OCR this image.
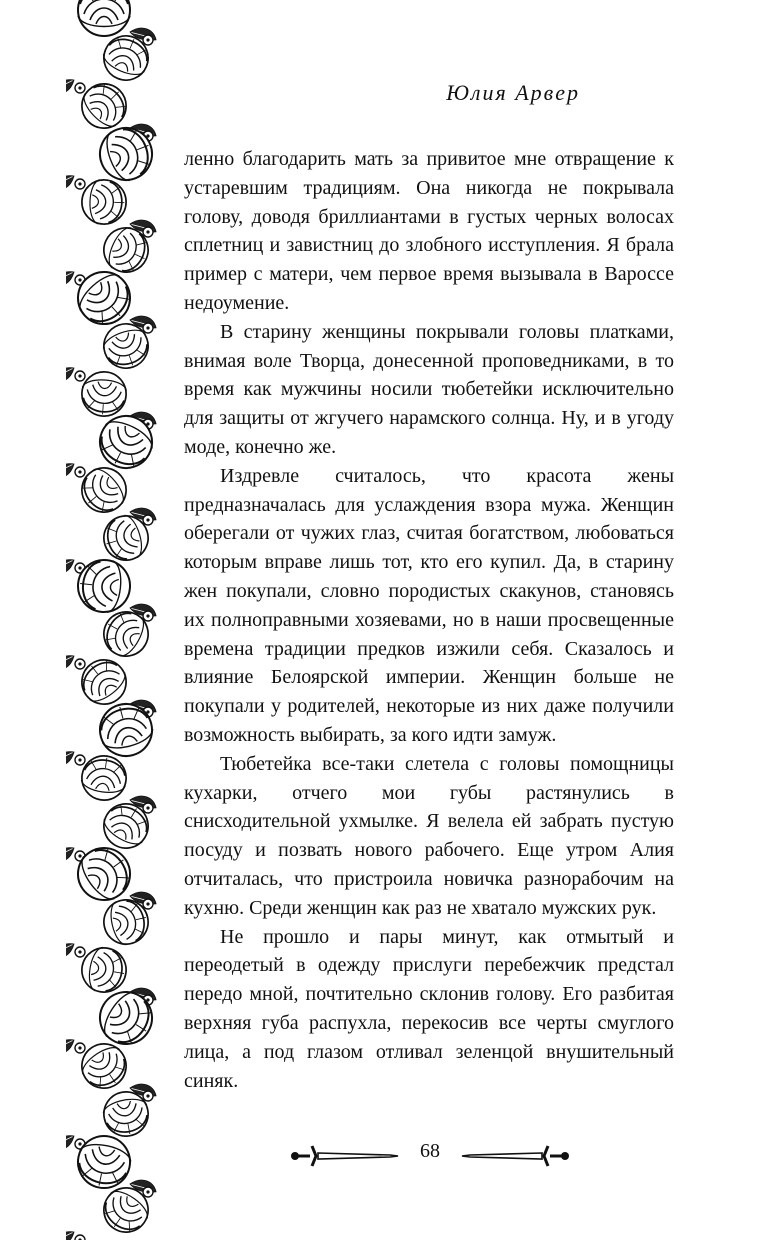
Юлия Арвер

ленно благодарить мать за привитое мне отвращение к устаревшим традициям. Она никогда не покрывала голову, доводя бриллиантами в густых черных волосах сплетниц и завистниц до злобного исступления. Я брала пример с матери, чем первое время вызывала в Вароссе недоумение.

В старину женщины покрывали головы платками, внимая воле Творца, донесенной проповедниками, в то время как мужчины носили тюбетейки исключительно для защиты от жгучего нарамского солнца. Ну, и в угоду моде, конечно же.

Издревле считалось, что красота жены предназначалась для услаждения взора мужа. Женщин оберегали от чужих глаз, считая богатством, любоваться которым вправе лишь тот, кто его купил. Да, в старину жен покупали, словно породистых скакунов, становясь их полноправными хозяевами, но в наши просвещенные времена традиции предков изжили себя. Сказалось и влияние Белоярской империи. Женщин больше не покупали у родителей, некоторые из них даже получили возможность выбирать, за кого идти замуж.

Тюбетейка все-таки слетела с головы помощницы кухарки, отчего мои губы растянулись в снисходительной ухмылке. Я велела ей забрать пустую посуду и позвать нового рабочего. Еще утром Алия отчиталась, что пристроила новичка разнорабочим на кухню. Среди женщин как раз не хватало мужских рук.

Не прошло и пары минут, как отмытый и переодетый в одежду прислуги перебежчик предстал передо мной, почтительно склонив голову. Его разбитая верхняя губа распухла, перекосив все черты смуглого лица, а под глазом отливал зеленцой внушительный синяк.

68
